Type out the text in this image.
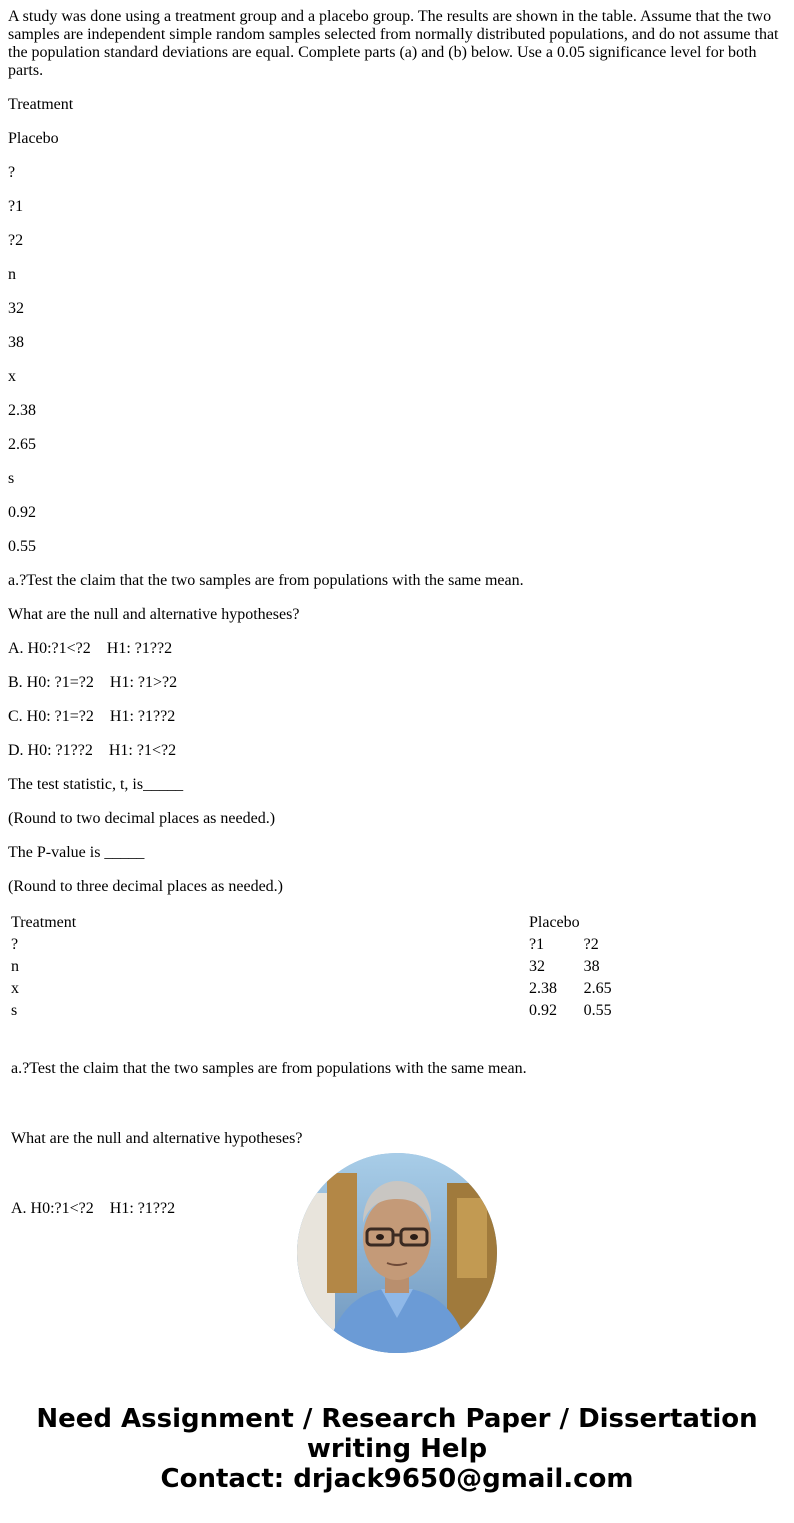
A study was done using a treatment group and a placebo group. The results are shown in the table. Assume that the two samples are independent simple random samples selected from normally distributed populations, and do not assume that the population standard deviations are equal. Complete parts (a) and (b) below. Use a 0.05 significance level for both parts.

Treatment

Placebo

?

?1

?2

n

32

38

x

2.38

2.65

s

0.92

0.55

a.?Test the claim that the two samples are from populations with the same mean.

What are the null and alternative hypotheses?

A. H0:?1<?2    H1: ?1??2

B. H0: ?1=?2    H1: ?1>?2

C. H0: ?1=?2    H1: ?1??2

D. H0: ?1??2    H1: ?1<?2

The test statistic, t, is_____

(Round to two decimal places as needed.)

The P-value is _____

(Round to three decimal places as needed.)

Treatment	Placebo	
?	?1	?2
n	32	38
x	2.38	2.65
s	0.92	0.55

a.?Test the claim that the two samples are from populations with the same mean.

What are the null and alternative hypotheses?

A. H0:?1<?2    H1: ?1??2		

Need Assignment / Research Paper / Dissertation
writing Help
Contact: drjack9650@gmail.com
